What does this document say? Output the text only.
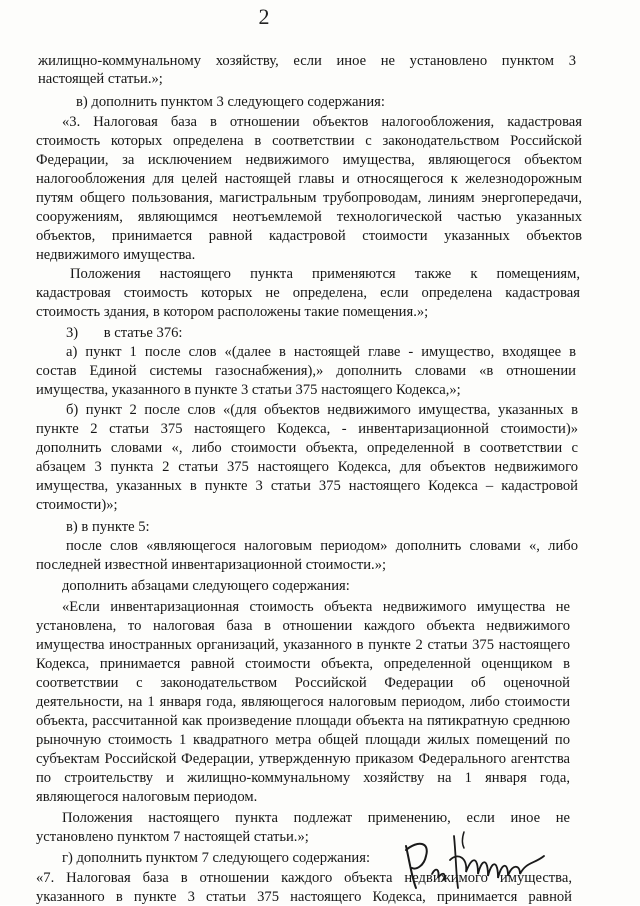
2

жилищно-коммунальному хозяйству, если иное не установлено пунктом 3

настоящей статьи.»;

в) дополнить пунктом 3 следующего содержания:

«3. Налоговая база в отношении объектов налогообложения, кадастровая

стоимость которых определена в соответствии с законодательством Российской

Федерации, за исключением недвижимого имущества, являющегося объектом

налогообложения для целей настоящей главы и относящегося к железнодорожным

путям общего пользования, магистральным трубопроводам, линиям энергопередачи,

сооружениям, являющимся неотъемлемой технологической частью указанных

объектов, принимается равной кадастровой стоимости указанных объектов

недвижимого имущества.

Положения настоящего пункта применяются также к помещениям,

кадастровая стоимость которых не определена, если определена кадастровая

стоимость здания, в котором расположены такие помещения.»;

3)       в статье 376:

а) пункт 1 после слов «(далее в настоящей главе - имущество, входящее в

состав Единой системы газоснабжения),» дополнить словами «в отношении

имущества, указанного в пункте 3 статьи 375 настоящего Кодекса,»;

б) пункт 2 после слов «(для объектов недвижимого имущества, указанных в

пункте 2 статьи 375 настоящего Кодекса, - инвентаризационной стоимости)»

дополнить словами «, либо стоимости объекта, определенной в соответствии с

абзацем 3 пункта 2 статьи 375 настоящего Кодекса, для объектов недвижимого

имущества, указанных в пункте 3 статьи 375 настоящего Кодекса – кадастровой

стоимости)»;

в) в пункте 5:

после слов «являющегося налоговым периодом» дополнить словами «, либо

последней известной инвентаризационной стоимости.»;

дополнить абзацами следующего содержания:

«Если инвентаризационная стоимость объекта недвижимого имущества не

установлена, то налоговая база в отношении каждого объекта недвижимого

имущества иностранных организаций, указанного в пункте 2 статьи 375 настоящего

Кодекса, принимается равной стоимости объекта, определенной оценщиком в

соответствии с законодательством Российской Федерации об оценочной

деятельности, на 1 января года, являющегося налоговым периодом, либо стоимости

объекта, рассчитанной как произведение площади объекта на пятикратную среднюю

рыночную стоимость 1 квадратного метра общей площади жилых помещений по

субъектам Российской Федерации, утвержденную приказом Федерального агентства

по строительству и жилищно-коммунальному хозяйству на 1 января года,

являющегося налоговым периодом.

Положения настоящего пункта подлежат применению, если иное не

установлено пунктом 7 настоящей статьи.»;

г) дополнить пунктом 7 следующего содержания:

«7. Налоговая база в отношении каждого объекта недвижимого имущества,

указанного в пункте 3 статьи 375 настоящего Кодекса, принимается равной
